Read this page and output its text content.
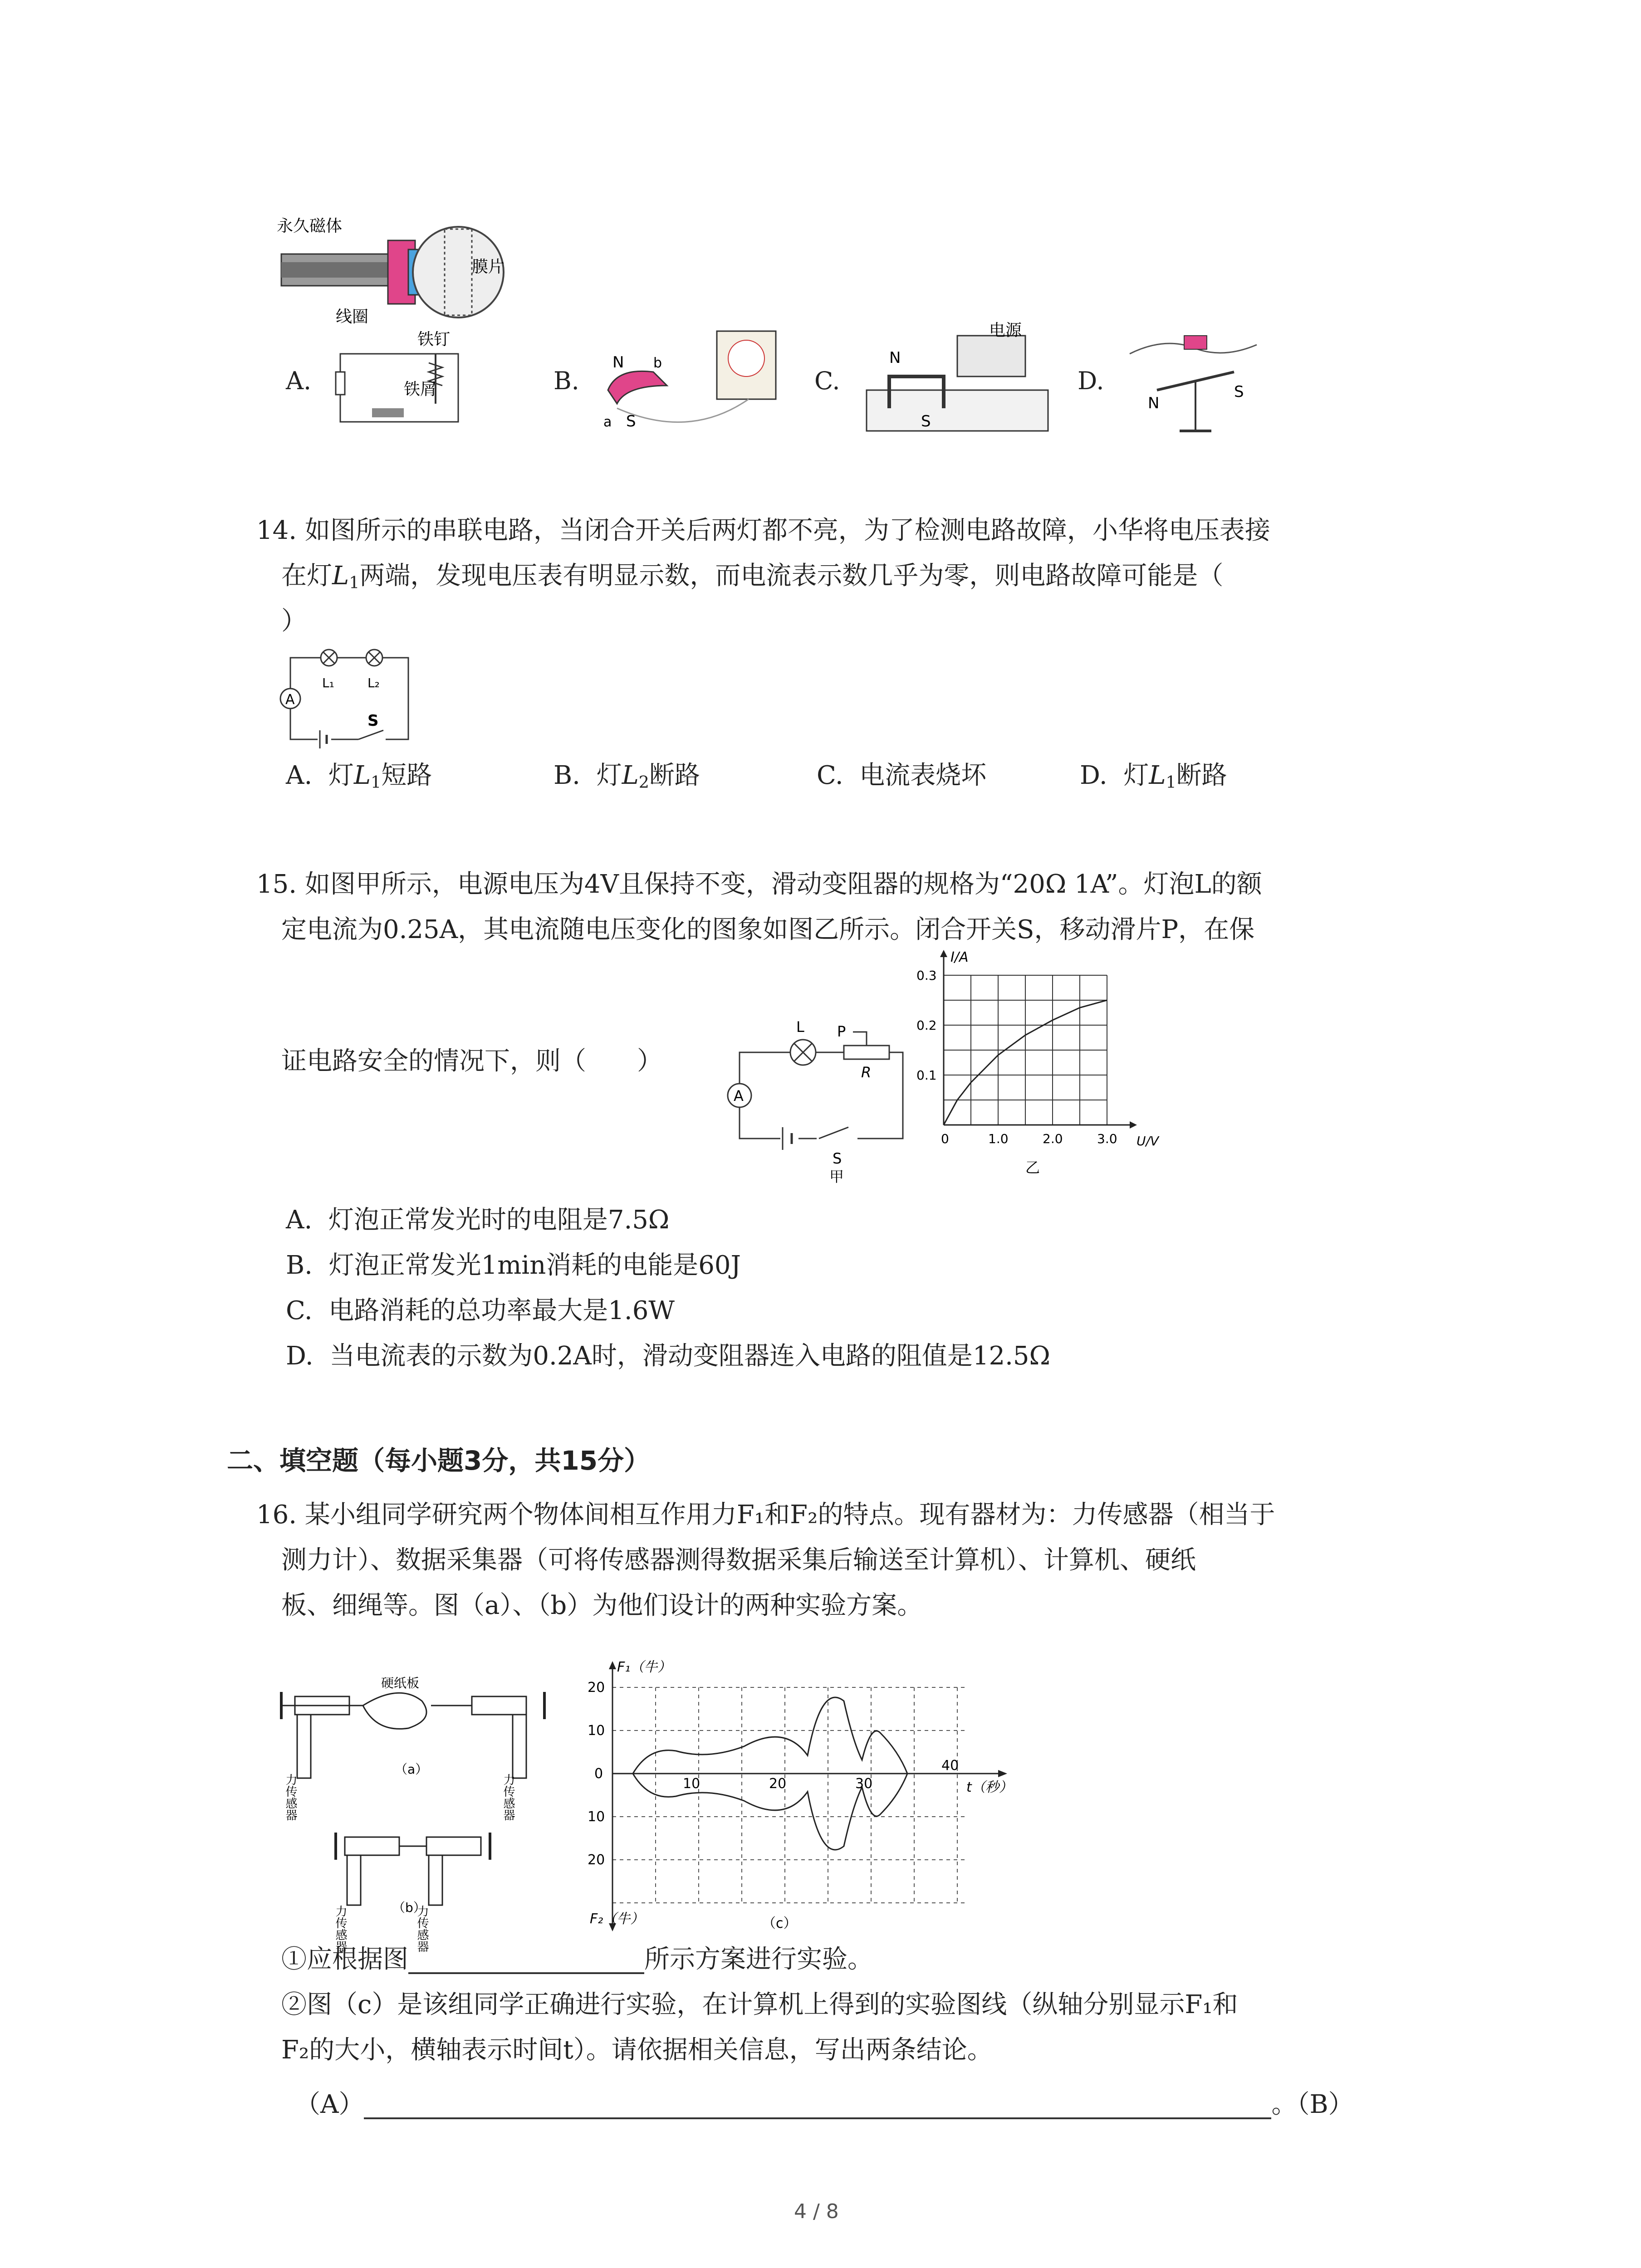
永久磁体
膜片
线圈
A.
铁钉
铁屑	B.
N
S
a
b
C.
电源
N
S
D.
N
S
14. 如图所示的串联电路，当闭合开关后两灯都不亮，为了检测电路故障，小华将电压表接
在灯$L_1$两端，发现电压表有明显示数，而电流表示数几乎为零，则电路故障可能是（
）
A
L₁	L₂
S
A. 灯$L_1$短路	B. 灯$L_2$断路	C. 电流表烧坏	D. 灯$L_1$断路
15. 如图甲所示，电源电压为4V且保持不变，滑动变阻器的规格为“20Ω 1A”。灯泡L的额
定电流为0.25A，其电流随电压变化的图象如图乙所示。闭合开关S，移动滑片P，在保
证电路安全的情况下，则（　　）
L P
R
A
S
甲
0	1.0	2.0	3.0
0.1
0.2
0.3
I/A
U/V
乙
A. 灯泡正常发光时的电阻是7.5Ω
B. 灯泡正常发光1min消耗的电能是60J
C. 电路消耗的总功率最大是1.6W
D. 当电流表的示数为0.2A时，滑动变阻器连入电路的阻值是12.5Ω
二、填空题（每小题3分，共15分）
16. 某小组同学研究两个物体间相互作用力F₁和F₂的特点。现有器材为：力传感器（相当于
测力计）、数据采集器（可将传感器测得数据采集后输送至计算机）、计算机、硬纸
板、细绳等。图（a）、（b）为他们设计的两种实验方案。
硬纸板
力传感器	力传感器
（a）
力传感器	力传感器
（b）
20
10
0
10
20
10	20	30
40
F₁（牛）
F₂（牛）
t（秒）
（c）
①应根据图	所示方案进行实验。
②图（c）是该组同学正确进行实验，在计算机上得到的实验图线（纵轴分别显示F₁和
F₂的大小，横轴表示时间t）。请依据相关信息，写出两条结论。
（A）	。（B）
4 / 8
